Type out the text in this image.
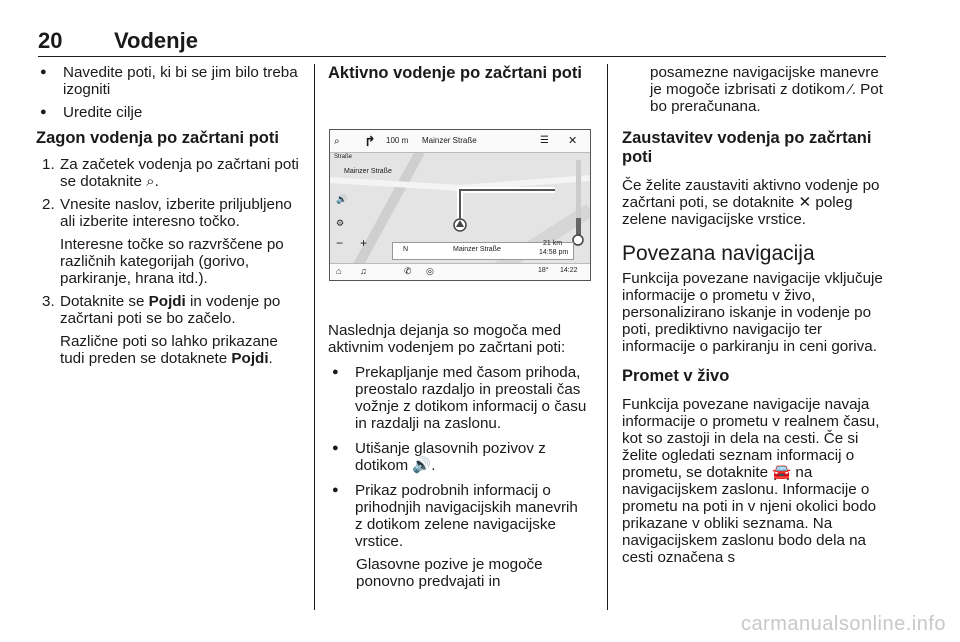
20 Vodenje

● Navedite poti, ki bi se jim bilo treba izogniti

● Uredite cilje

Zagon vodenja po začrtani poti

1. Za začetek vodenja po začrtani poti se dotaknite ⌕.
2. Vnesite naslov, izberite priljubljeno ali izberite interesno točko.

Interesne točke so razvrščene po različnih kategorijah (gorivo, parkiranje, hrana itd.).

3. Dotaknite se Pojdi in vodenje po začrtani poti se bo začelo.

Različne poti so lahko prikazane tudi preden se dotaknete Pojdi.

Aktivno vodenje po začrtani poti

⌕ ↱ 100 m Mainzer Straße	☰ ✕
Straße
Mainzer Straße
🔊
⚙
− +	N	Mainzer Straße
21 km
14:58 pm
⌂ ♫	✆ ◎	18° 14:22

Naslednja dejanja so mogoča med aktivnim vodenjem po začrtani poti:

● Prekapljanje med časom prihoda, preostalo razdaljo in preostali čas vožnje z dotikom informacij o času in razdalji na zaslonu.

● Utišanje glasovnih pozivov z dotikom 🔊.

● Prikaz podrobnih informacij o prihodnjih navigacijskih manevrih z dotikom zelene navigacijske vrstice.

Glasovne pozive je mogoče ponovno predvajati in

posamezne navigacijske manevre je mogoče izbrisati z dotikom ⁄. Pot bo preračunana.

Zaustavitev vodenja po začrtani poti

Če želite zaustaviti aktivno vodenje po začrtani poti, se dotaknite ✕ poleg zelene navigacijske vrstice.

Povezana navigacija

Funkcija povezane navigacije vključuje informacije o prometu v živo, personalizirano iskanje in vodenje po poti, prediktivno navigacijo ter informacije o parkiranju in ceni goriva.

Promet v živo

Funkcija povezane navigacije navaja informacije o prometu v realnem času, kot so zastoji in dela na cesti. Če si želite ogledati seznam informacij o prometu, se dotaknite 🚘 na navigacijskem zaslonu. Informacije o prometu na poti in v njeni okolici bodo prikazane v obliki seznama. Na navigacijskem zaslonu bodo dela na cesti označena s

carmanualsonline.info
